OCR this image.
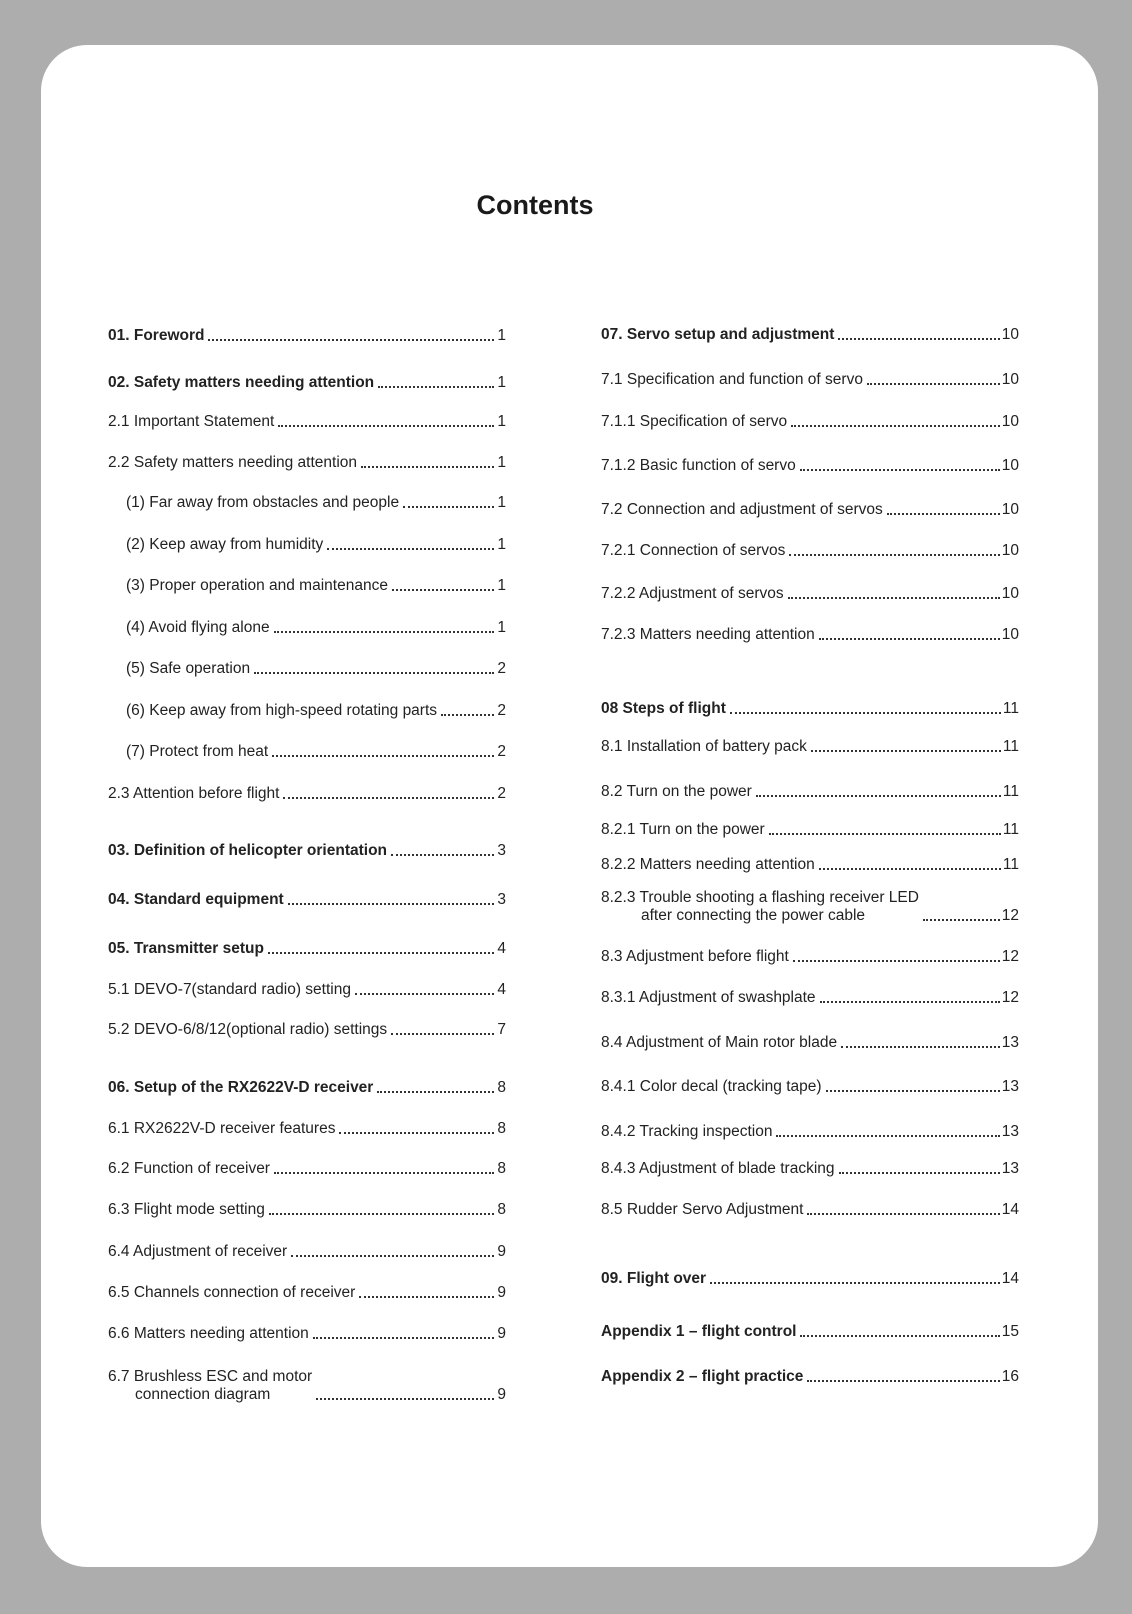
Contents
01. Foreword	1
02. Safety matters needing attention	1
2.1 Important Statement	1
2.2 Safety matters needing attention	1
(1) Far away from obstacles and people	1
(2) Keep away from humidity	1
(3) Proper operation and maintenance	1
(4) Avoid flying alone	1
(5) Safe operation	2
(6) Keep away from high-speed rotating parts	2
(7) Protect from heat	2
2.3 Attention before flight	2
03. Definition of helicopter orientation	3
04. Standard equipment	3
05. Transmitter setup	4
5.1 DEVO-7(standard radio) setting	4
5.2 DEVO-6/8/12(optional radio) settings	7
06. Setup of the RX2622V-D receiver	8
6.1 RX2622V-D receiver features	8
6.2 Function of receiver	8
6.3 Flight mode setting	8
6.4 Adjustment of receiver	9
6.5 Channels connection of receiver	9
6.6 Matters needing attention	9
6.7 Brushless ESC and motor
connection diagram	9
07. Servo setup and adjustment	10
7.1 Specification and function of servo	10
7.1.1 Specification of servo	10
7.1.2 Basic function of servo	10
7.2 Connection and adjustment of servos	10
7.2.1 Connection of servos	10
7.2.2 Adjustment of servos	10
7.2.3 Matters needing attention	10
08 Steps of flight	11
8.1 Installation of battery pack	11
8.2 Turn on the power	11
8.2.1 Turn on the power	11
8.2.2 Matters needing attention	11
8.2.3 Trouble shooting a flashing receiver LED
after connecting the power cable	12
8.3 Adjustment before flight	12
8.3.1 Adjustment of swashplate	12
8.4 Adjustment of Main rotor blade	13
8.4.1 Color decal (tracking tape)	13
8.4.2 Tracking inspection	13
8.4.3 Adjustment of blade tracking	13
8.5 Rudder Servo Adjustment	14
09. Flight over	14
Appendix 1 – flight control	15
Appendix 2 – flight practice	16
